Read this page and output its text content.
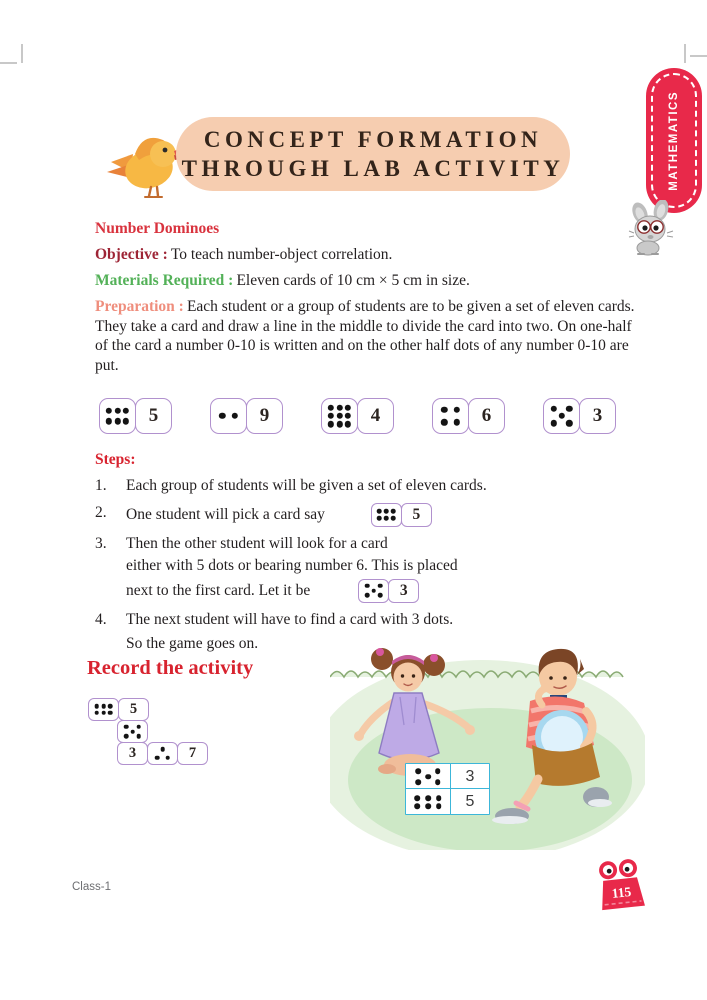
CONCEPT FORMATION
THROUGH LAB ACTIVITY	MATHEMATICS

Number Dominoes

Objective :  To teach number-object correlation.

Materials Required :  Eleven cards of 10 cm × 5 cm in size.

Preparation :  Each student or a group of students are to be given a set of eleven cards. They take a card and draw a line in the middle to divide the card into two. On one-half of the card a number 0-10 is written and on the other half dots of any number 0-10 are put.

5	9	4	6	3

Steps:

1.	Each group of students will be given a set of eleven cards.
2.	One student will pick a card say	5
3.	Then the other student will look for a card
either with 5 dots or bearing number 6. This is placed
next to the first card. Let it be	3
4.	The next student will have to find a card with 3 dots.
So the game goes on.
Record the activity
5
3	7
3
5
Class-1	115
